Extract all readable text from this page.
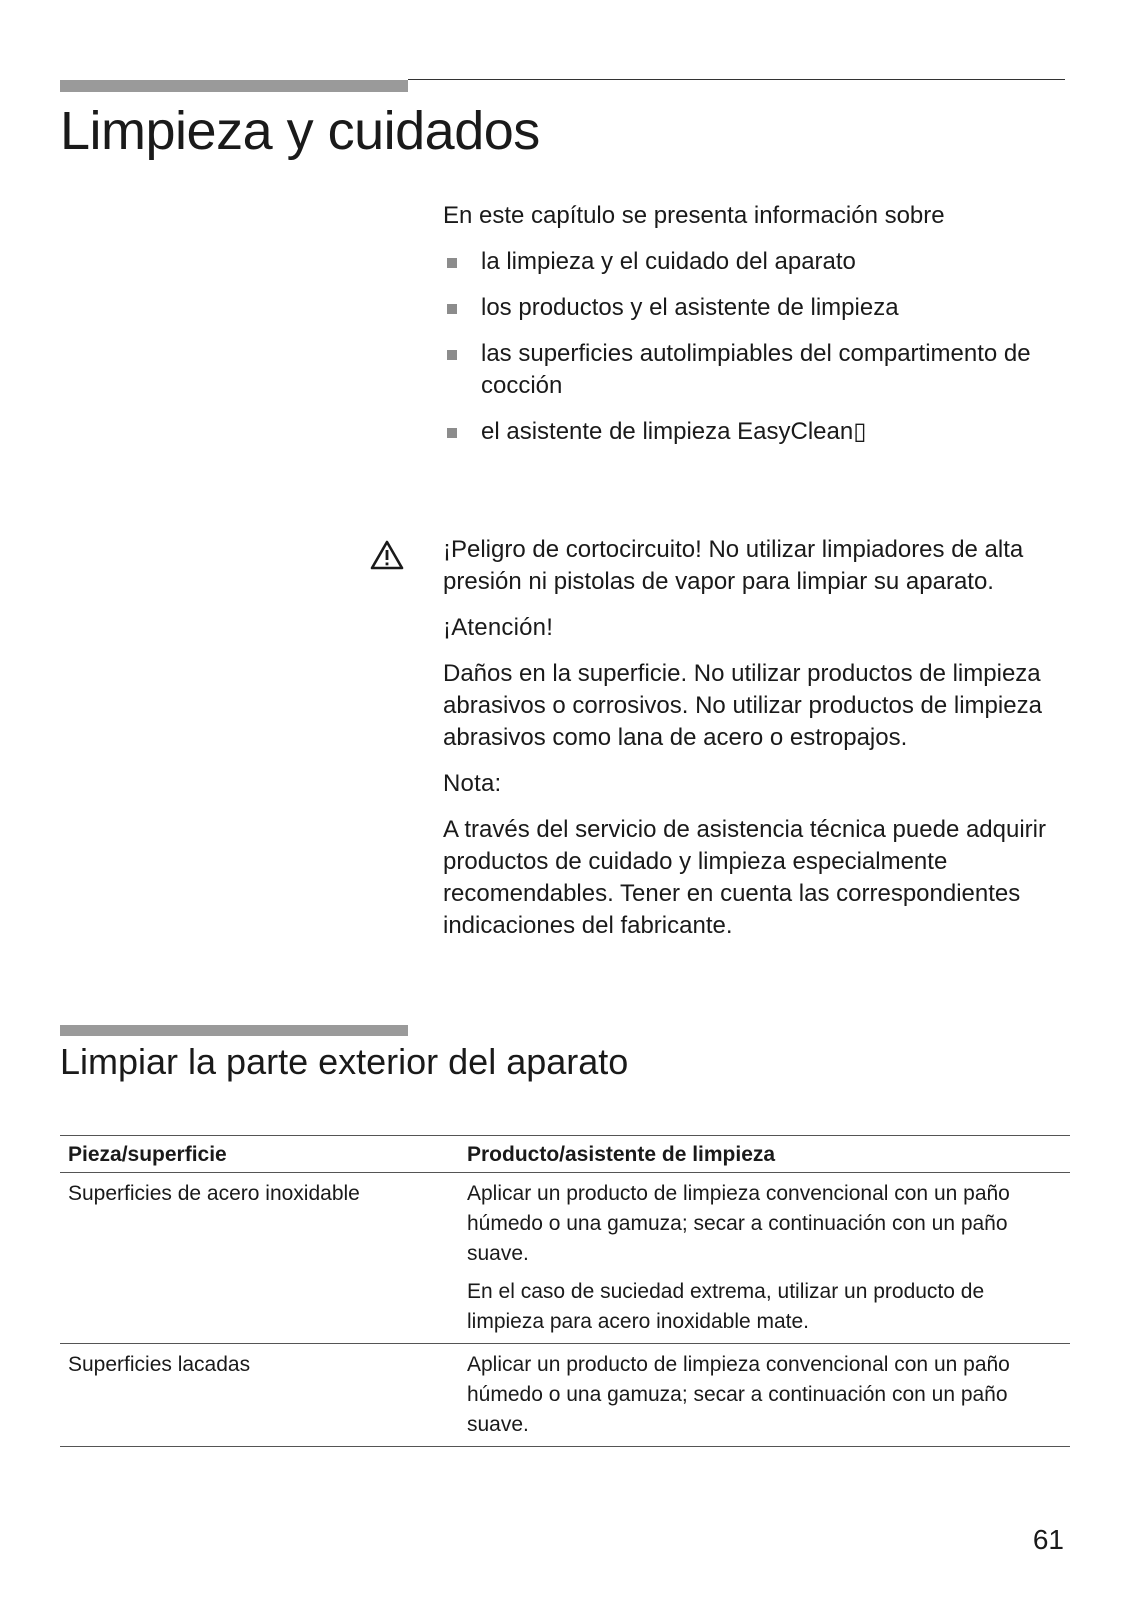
Limpieza y cuidados

En este capítulo se presenta información sobre

la limpieza y el cuidado del aparato
los productos y el asistente de limpieza
las superficies autolimpiables del compartimento de cocción
el asistente de limpieza EasyClean▯

¡Peligro de cortocircuito! No utilizar limpiadores de alta presión ni pistolas de vapor para limpiar su aparato.

¡Atención!

Daños en la superficie. No utilizar productos de limpieza abrasivos o corrosivos. No utilizar productos de limpieza abrasivos como lana de acero o estropajos.

Nota:

A través del servicio de asistencia técnica puede adquirir productos de cuidado y limpieza especialmente recomendables. Tener en cuenta las correspondientes indicaciones del fabricante.

Limpiar la parte exterior del aparato
Pieza/superficie	Producto/asistente de limpieza
Superficies de acero inoxidable	Aplicar un producto de limpieza convencional con un paño húmedo o una gamuza; secar a continuación con un paño suave.

En el caso de suciedad extrema, utilizar un producto de limpieza para acero inoxidable mate.

Superficies lacadas	Aplicar un producto de limpieza convencional con un paño húmedo o una gamuza; secar a continuación con un paño suave.

61
